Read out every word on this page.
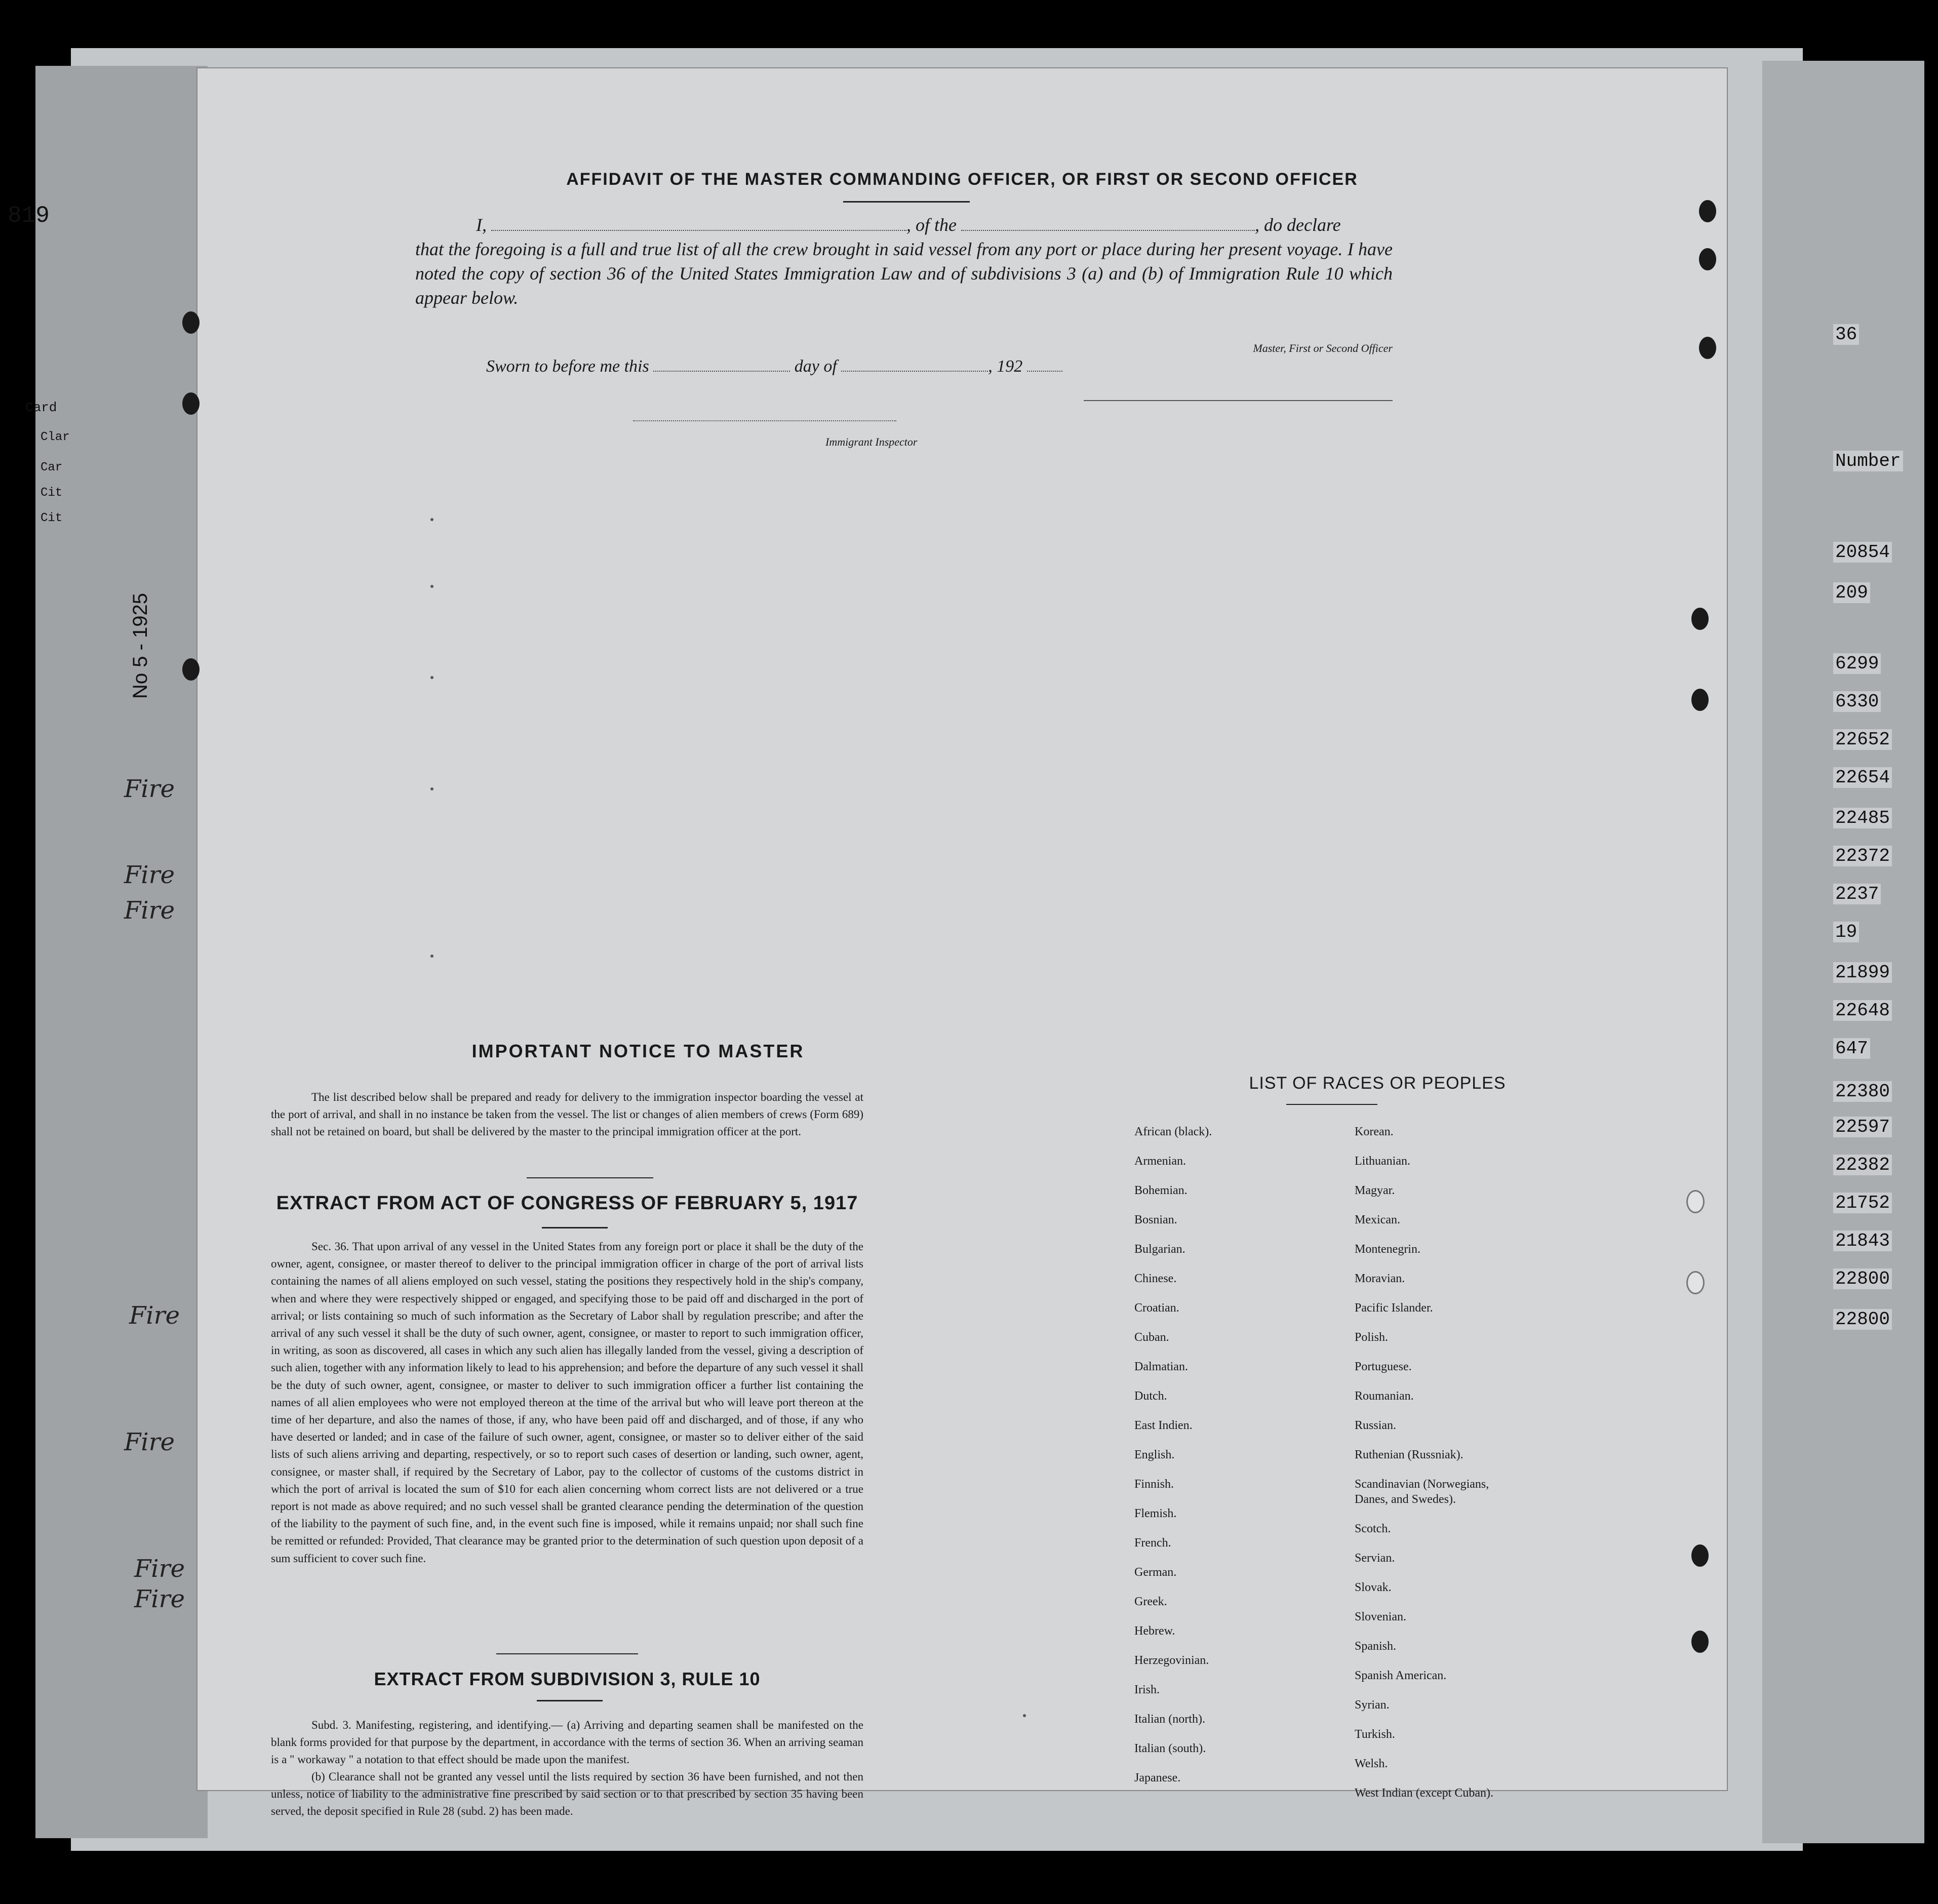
819
Card
Clar
Car
Cit
Cit
No 5 - 1925
Fire
Fire
Fire
Fire
Fire
Fire
Fire
36
Number
20854
209
6299
6330
22652
22654
22485
22372
2237
19
21899
22648
647
22380
22597
22382
21752
21843
22800
22800
AFFIDAVIT OF THE MASTER COMMANDING OFFICER, OR FIRST OR SECOND OFFICER
I,	, of the	, do declare
that the foregoing is a full and true list of all the crew brought in said vessel from any port or place during her present voyage. I have noted the copy of section 36 of the United States Immigration Law and of subdivisions 3 (a) and (b) of Immigration Rule 10 which appear below.
Master, First or Second Officer
Sworn to before me this	day of	, 192
Immigrant Inspector
IMPORTANT NOTICE TO MASTER
The list described below shall be prepared and ready for delivery to the immigration inspector boarding the vessel at the port of arrival, and shall in no instance be taken from the vessel. The list or changes of alien members of crews (Form 689) shall not be retained on board, but shall be delivered by the master to the principal immigration officer at the port.
EXTRACT FROM ACT OF CONGRESS OF FEBRUARY 5, 1917
Sec. 36. That upon arrival of any vessel in the United States from any foreign port or place it shall be the duty of the owner, agent, consignee, or master thereof to deliver to the principal immigration officer in charge of the port of arrival lists containing the names of all aliens employed on such vessel, stating the positions they respectively hold in the ship's company, when and where they were respectively shipped or engaged, and specifying those to be paid off and discharged in the port of arrival; or lists containing so much of such information as the Secretary of Labor shall by regulation prescribe; and after the arrival of any such vessel it shall be the duty of such owner, agent, consignee, or master to report to such immigration officer, in writing, as soon as discovered, all cases in which any such alien has illegally landed from the vessel, giving a description of such alien, together with any information likely to lead to his apprehension; and before the departure of any such vessel it shall be the duty of such owner, agent, consignee, or master to deliver to such immigration officer a further list containing the names of all alien employees who were not employed thereon at the time of the arrival but who will leave port thereon at the time of her departure, and also the names of those, if any, who have been paid off and discharged, and of those, if any who have deserted or landed; and in case of the failure of such owner, agent, consignee, or master so to deliver either of the said lists of such aliens arriving and departing, respectively, or so to report such cases of desertion or landing, such owner, agent, consignee, or master shall, if required by the Secretary of Labor, pay to the collector of customs of the customs district in which the port of arrival is located the sum of $10 for each alien concerning whom correct lists are not delivered or a true report is not made as above required; and no such vessel shall be granted clearance pending the determination of the question of the liability to the payment of such fine, and, in the event such fine is imposed, while it remains unpaid; nor shall such fine be remitted or refunded: Provided, That clearance may be granted prior to the determination of such question upon deposit of a sum sufficient to cover such fine.
EXTRACT FROM SUBDIVISION 3, RULE 10

Subd. 3. Manifesting, registering, and identifying.— (a) Arriving and departing seamen shall be manifested on the blank forms provided for that purpose by the department, in accordance with the terms of section 36. When an arriving seaman is a " workaway " a notation to that effect should be made upon the manifest.

(b) Clearance shall not be granted any vessel until the lists required by section 36 have been furnished, and not then unless, notice of liability to the administrative fine prescribed by said section or to that prescribed by section 35 having been served, the deposit specified in Rule 28 (subd. 2) has been made.

LIST OF RACES OR PEOPLES
African (black).
Armenian.
Bohemian.
Bosnian.
Bulgarian.
Chinese.
Croatian.
Cuban.
Dalmatian.
Dutch.
East Indien.
English.
Finnish.
Flemish.
French.
German.
Greek.
Hebrew.
Herzegovinian.
Irish.
Italian (north).
Italian (south).
Japanese.
Korean.
Lithuanian.
Magyar.
Mexican.
Montenegrin.
Moravian.
Pacific Islander.
Polish.
Portuguese.
Roumanian.
Russian.
Ruthenian (Russniak).
Scandinavian (Norwegians, Danes, and Swedes).
Scotch.
Servian.
Slovak.
Slovenian.
Spanish.
Spanish American.
Syrian.
Turkish.
Welsh.
West Indian (except Cuban).
